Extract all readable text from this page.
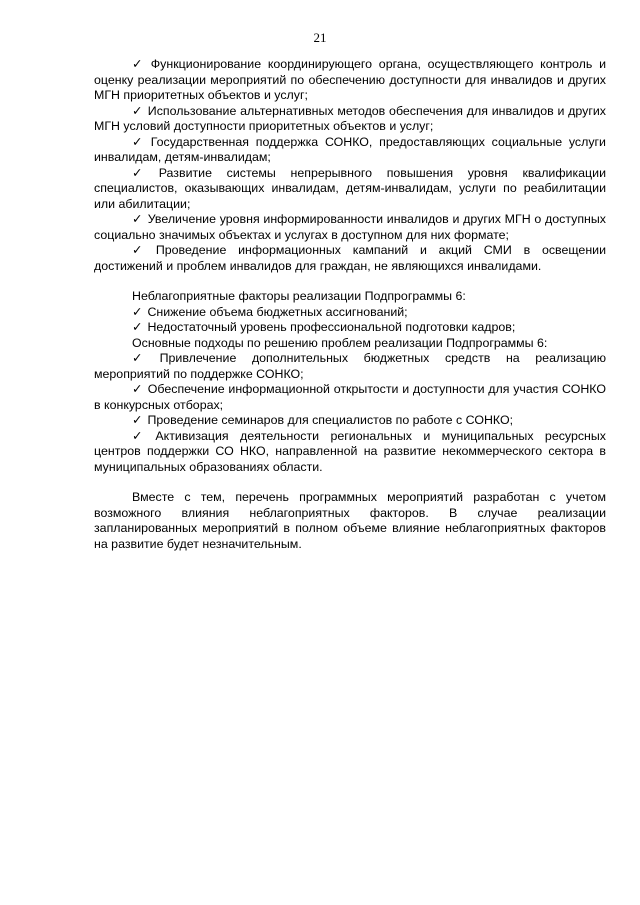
21

✓ Функционирование координирующего органа, осуществляющего контроль и оценку реализации мероприятий по обеспечению доступности для инвалидов и других МГН приоритетных объектов и услуг;

✓ Использование альтернативных методов обеспечения для инвалидов и других МГН условий доступности приоритетных объектов и услуг;

✓ Государственная поддержка СОНКО, предоставляющих социальные услуги инвалидам, детям-инвалидам;

✓ Развитие системы непрерывного повышения уровня квалификации специалистов, оказывающих инвалидам, детям-инвалидам, услуги по реабилитации или абилитации;

✓ Увеличение уровня информированности инвалидов и других МГН о доступных социально значимых объектах и услугах в доступном для них формате;

✓ Проведение информационных кампаний и акций СМИ в освещении достижений и проблем инвалидов для граждан, не являющихся инвалидами.

Неблагоприятные факторы реализации Подпрограммы 6:

✓ Снижение объема бюджетных ассигнований;

✓ Недостаточный уровень профессиональной подготовки кадров;

Основные подходы по решению проблем реализации Подпрограммы 6:

✓ Привлечение дополнительных бюджетных средств на реализацию мероприятий по поддержке СОНКО;

✓ Обеспечение информационной открытости и доступности для участия СОНКО в конкурсных отборах;

✓ Проведение семинаров для специалистов по работе с СОНКО;

✓ Активизация деятельности региональных и муниципальных ресурсных центров поддержки СО НКО, направленной на развитие некоммерческого сектора в муниципальных образованиях области.

Вместе с тем, перечень программных мероприятий разработан с учетом возможного влияния неблагоприятных факторов. В случае реализации запланированных мероприятий в полном объеме влияние неблагоприятных факторов на развитие будет незначительным.
